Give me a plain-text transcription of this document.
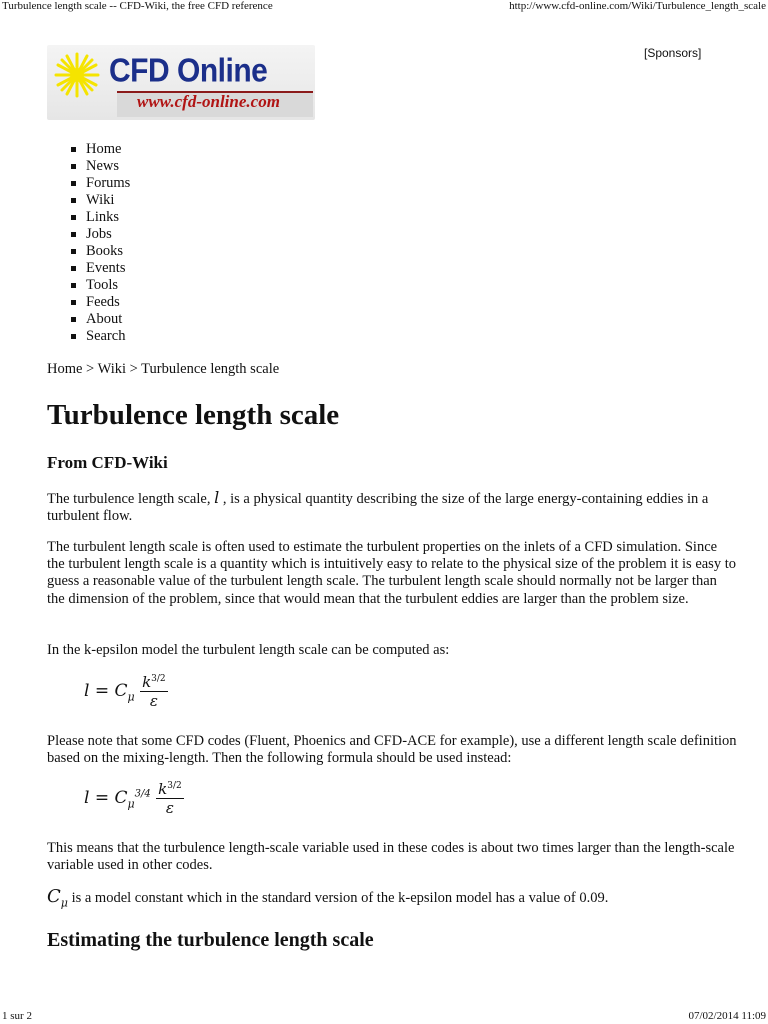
Turbulence length scale -- CFD-Wiki, the free CFD reference	http://www.cfd-online.com/Wiki/Turbulence_length_scale
CFD Online
www.cfd-online.com
[Sponsors]
Home
News
Forums
Wiki
Links
Jobs
Books
Events
Tools
Feeds
About
Search
Home > Wiki > Turbulence length scale
Turbulence length scale
From CFD-Wiki

The turbulence length scale, l , is a physical quantity describing the size of the large energy-containing eddies in a turbulent flow.

The turbulent length scale is often used to estimate the turbulent properties on the inlets of a CFD simulation. Since the turbulent length scale is a quantity which is intuitively easy to relate to the physical size of the problem it is easy to guess a reasonable value of the turbulent length scale. The turbulent length scale should normally not be larger than the dimension of the problem, since that would mean that the turbulent eddies are larger than the problem size.

In the k-epsilon model the turbulent length scale can be computed as:

$l = C_\mu \frac{k^{3/2}}{\varepsilon}$

Please note that some CFD codes (Fluent, Phoenics and CFD-ACE for example), use a different length scale definition based on the mixing-length. Then the following formula should be used instead:

$l = C_\mu^{3/4} \frac{k^{3/2}}{\varepsilon}$

This means that the turbulence length-scale variable used in these codes is about two times larger than the length-scale variable used in other codes.

$C_\mu$ is a model constant which in the standard version of the k-epsilon model has a value of 0.09.

Estimating the turbulence length scale
1 sur 2	07/02/2014 11:09
